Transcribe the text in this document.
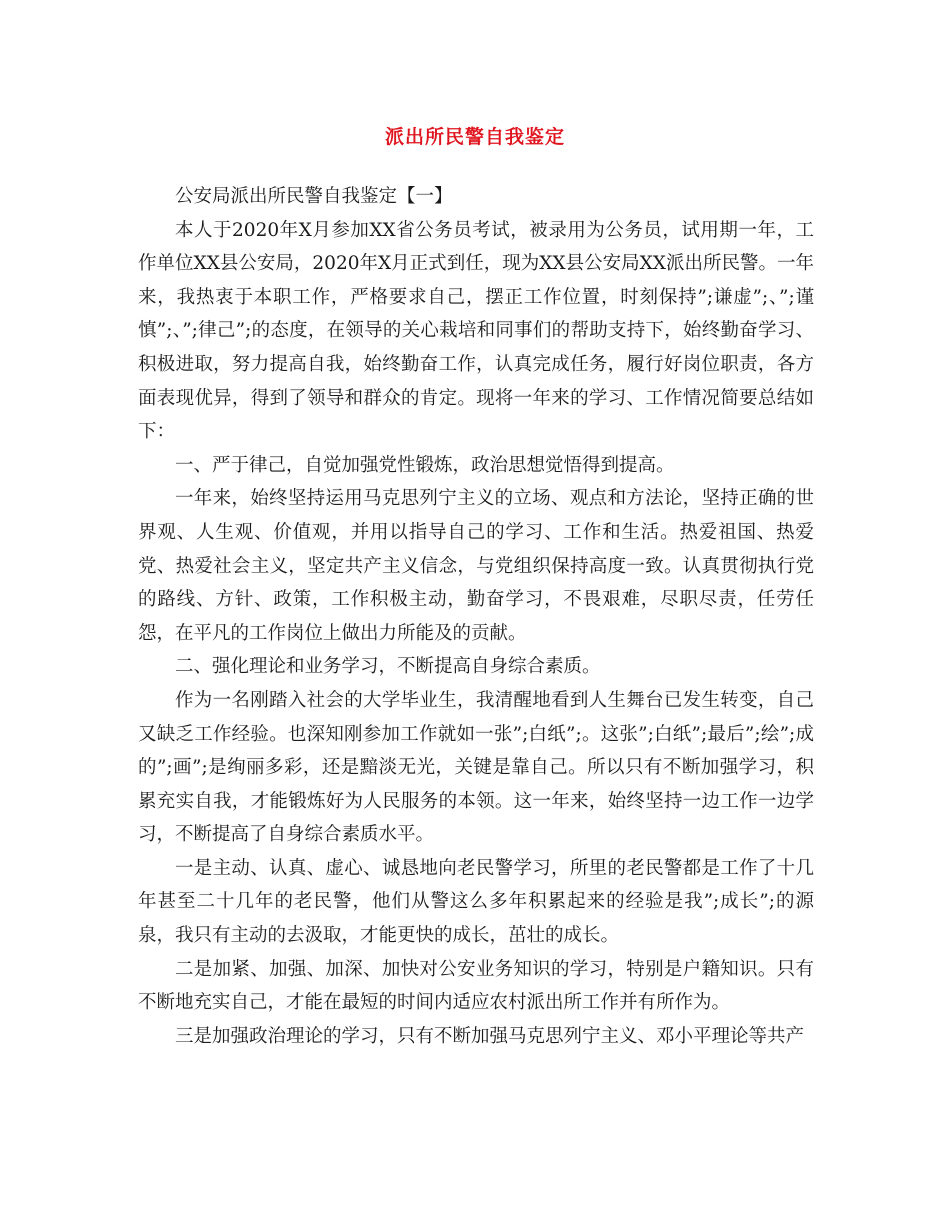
派出所民警自我鉴定

公安局派出所民警自我鉴定【一】

本人于2020年X月参加XX省公务员考试，被录用为公务员，试用期一年，工作单位XX县公安局，2020年X月正式到任，现为XX县公安局XX派出所民警。一年来，我热衷于本职工作，严格要求自己，摆正工作位置，时刻保持”;谦虚”;、”;谨慎”;、”;律己”;的态度，在领导的关心栽培和同事们的帮助支持下，始终勤奋学习、积极进取，努力提高自我，始终勤奋工作，认真完成任务，履行好岗位职责，各方面表现优异，得到了领导和群众的肯定。现将一年来的学习、工作情况简要总结如下：

一、严于律己，自觉加强党性锻炼，政治思想觉悟得到提高。

一年来，始终坚持运用马克思列宁主义的立场、观点和方法论，坚持正确的世界观、人生观、价值观，并用以指导自己的学习、工作和生活。热爱祖国、热爱党、热爱社会主义，坚定共产主义信念，与党组织保持高度一致。认真贯彻执行党的路线、方针、政策，工作积极主动，勤奋学习，不畏艰难，尽职尽责，任劳任怨，在平凡的工作岗位上做出力所能及的贡献。

二、强化理论和业务学习，不断提高自身综合素质。

作为一名刚踏入社会的大学毕业生，我清醒地看到人生舞台已发生转变，自己又缺乏工作经验。也深知刚参加工作就如一张”;白纸”;。这张”;白纸”;最后”;绘”;成的”;画”;是绚丽多彩，还是黯淡无光，关键是靠自己。所以只有不断加强学习，积累充实自我，才能锻炼好为人民服务的本领。这一年来，始终坚持一边工作一边学习，不断提高了自身综合素质水平。

一是主动、认真、虚心、诚恳地向老民警学习，所里的老民警都是工作了十几年甚至二十几年的老民警，他们从警这么多年积累起来的经验是我”;成长”;的源泉，我只有主动的去汲取，才能更快的成长，茁壮的成长。

二是加紧、加强、加深、加快对公安业务知识的学习，特别是户籍知识。只有不断地充实自己，才能在最短的时间内适应农村派出所工作并有所作为。

三是加强政治理论的学习，只有不断加强马克思列宁主义、邓小平理论等共产
